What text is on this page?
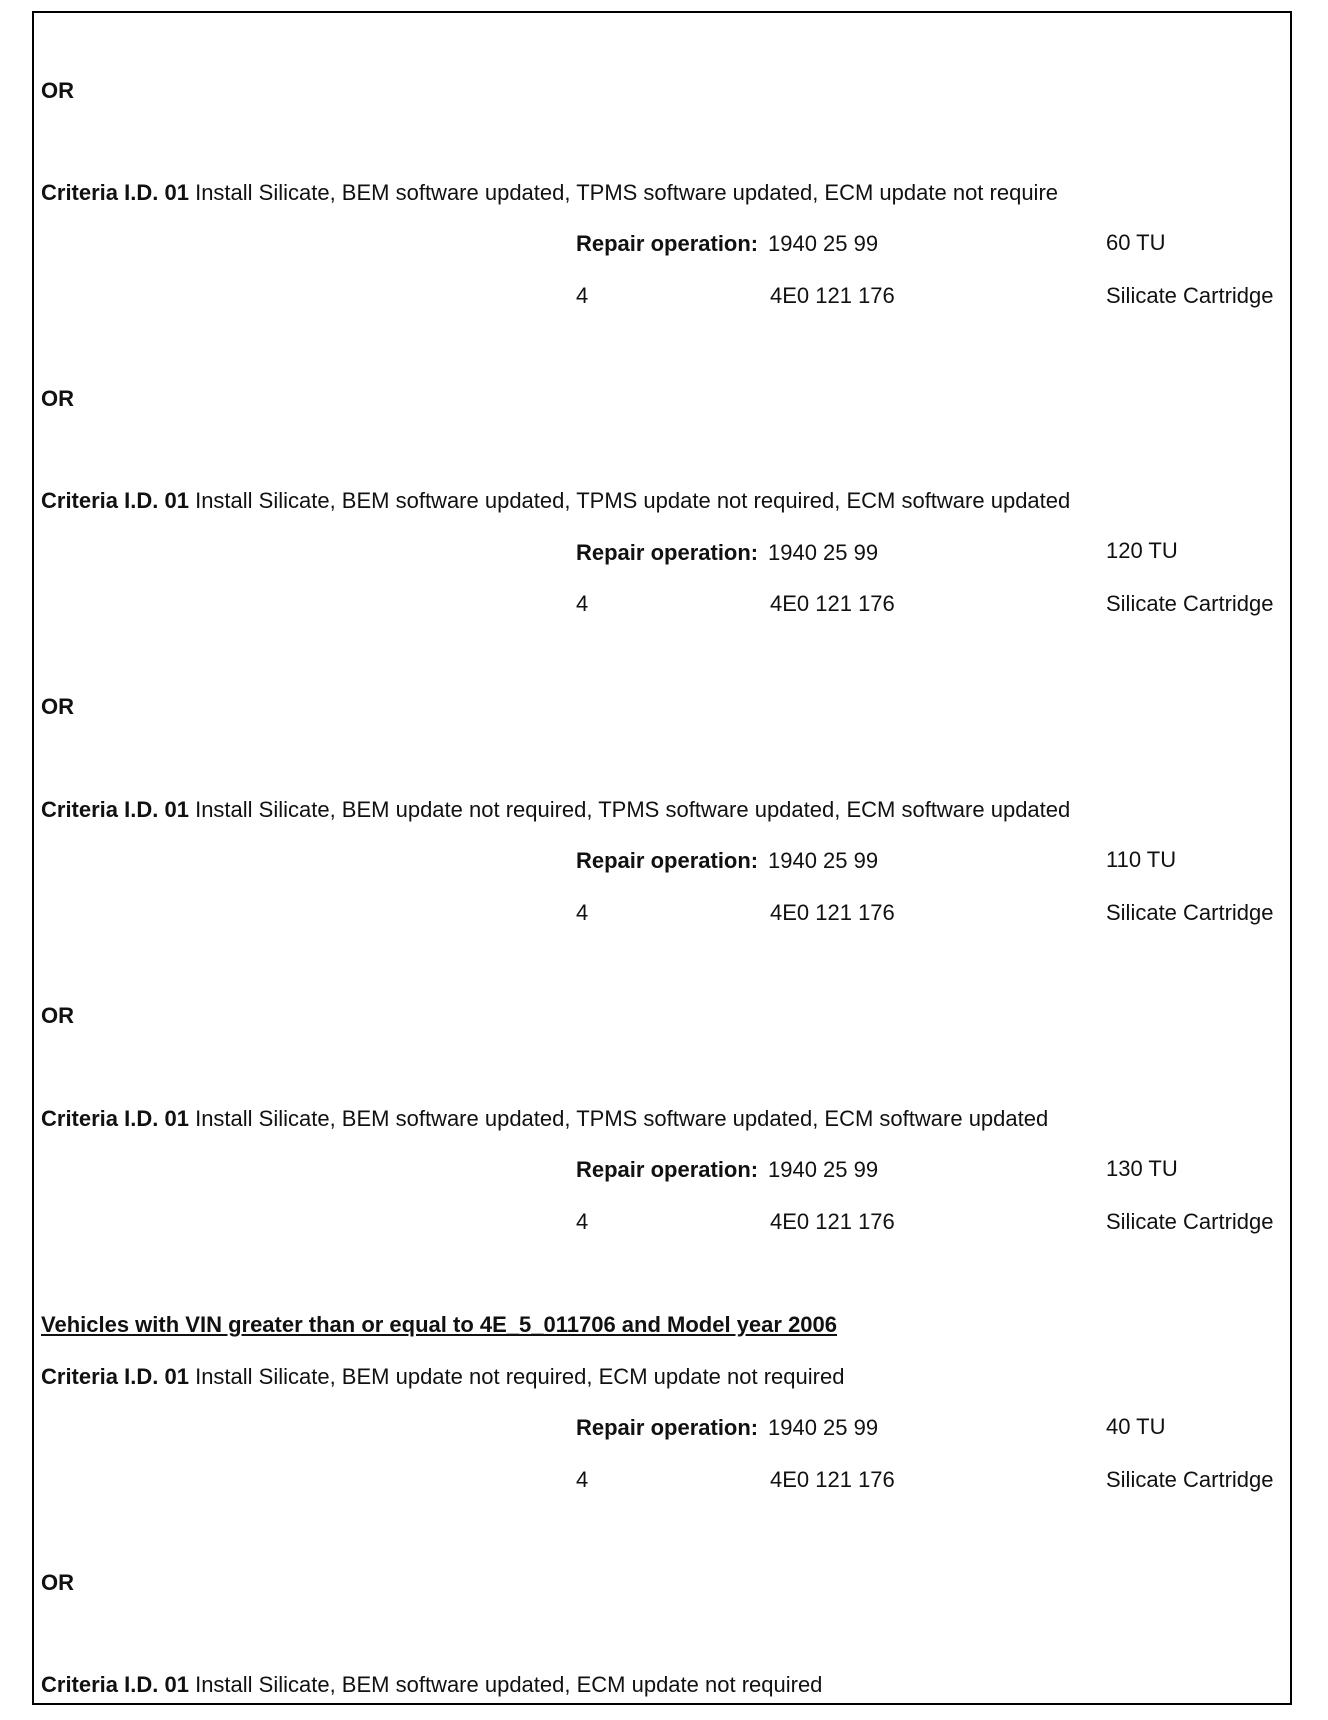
OR
Criteria I.D. 01 Install Silicate, BEM software updated, TPMS software updated, ECM update not require
Repair operation: 1940 25 99	60 TU
4	4E0 121 176	Silicate Cartridge
OR
Criteria I.D. 01 Install Silicate, BEM software updated, TPMS update not required, ECM software updated
Repair operation: 1940 25 99	120 TU
4	4E0 121 176	Silicate Cartridge
OR
Criteria I.D. 01 Install Silicate, BEM update not required, TPMS software updated, ECM software updated
Repair operation: 1940 25 99	110 TU
4	4E0 121 176	Silicate Cartridge
OR
Criteria I.D. 01 Install Silicate, BEM software updated, TPMS software updated, ECM software updated
Repair operation: 1940 25 99	130 TU
4	4E0 121 176	Silicate Cartridge
Vehicles with VIN greater than or equal to 4E_5_011706 and Model year 2006
Criteria I.D. 01 Install Silicate, BEM update not required, ECM update not required
Repair operation: 1940 25 99	40 TU
4	4E0 121 176	Silicate Cartridge
OR
Criteria I.D. 01 Install Silicate, BEM software updated, ECM update not required
